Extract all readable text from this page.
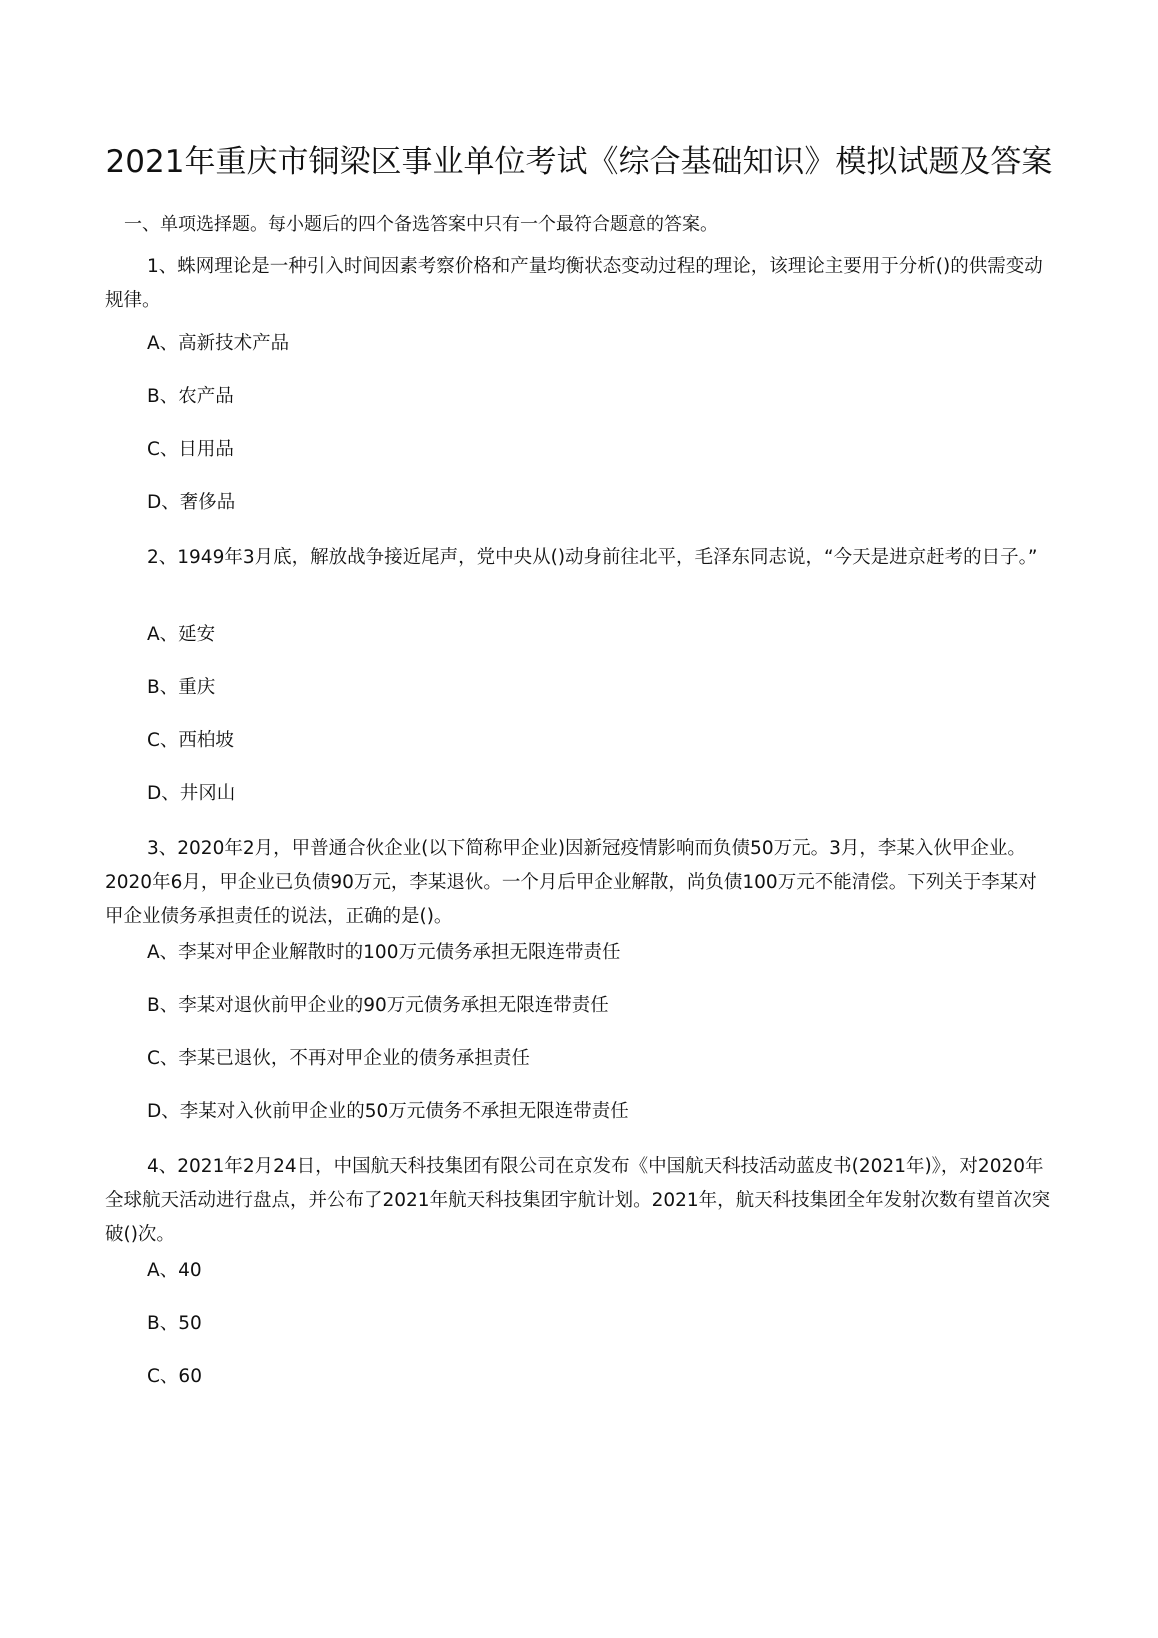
2021年重庆市铜梁区事业单位考试《综合基础知识》模拟试题及答案

一、单项选择题。每小题后的四个备选答案中只有一个最符合题意的答案。

1、蛛网理论是一种引入时间因素考察价格和产量均衡状态变动过程的理论，该理论主要用于分析()的供需变动规律。

A、高新技术产品

B、农产品

C、日用品

D、奢侈品

2、1949年3月底，解放战争接近尾声，党中央从()动身前往北平，毛泽东同志说，“今天是进京赶考的日子。”

A、延安

B、重庆

C、西柏坡

D、井冈山

3、2020年2月，甲普通合伙企业(以下简称甲企业)因新冠疫情影响而负债50万元。3月，李某入伙甲企业。2020年6月，甲企业已负债90万元，李某退伙。一个月后甲企业解散，尚负债100万元不能清偿。下列关于李某对甲企业债务承担责任的说法，正确的是()。

A、李某对甲企业解散时的100万元债务承担无限连带责任

B、李某对退伙前甲企业的90万元债务承担无限连带责任

C、李某已退伙，不再对甲企业的债务承担责任

D、李某对入伙前甲企业的50万元债务不承担无限连带责任

4、2021年2月24日，中国航天科技集团有限公司在京发布《中国航天科技活动蓝皮书(2021年)》，对2020年全球航天活动进行盘点，并公布了2021年航天科技集团宇航计划。2021年，航天科技集团全年发射次数有望首次突破()次。

A、40

B、50

C、60
